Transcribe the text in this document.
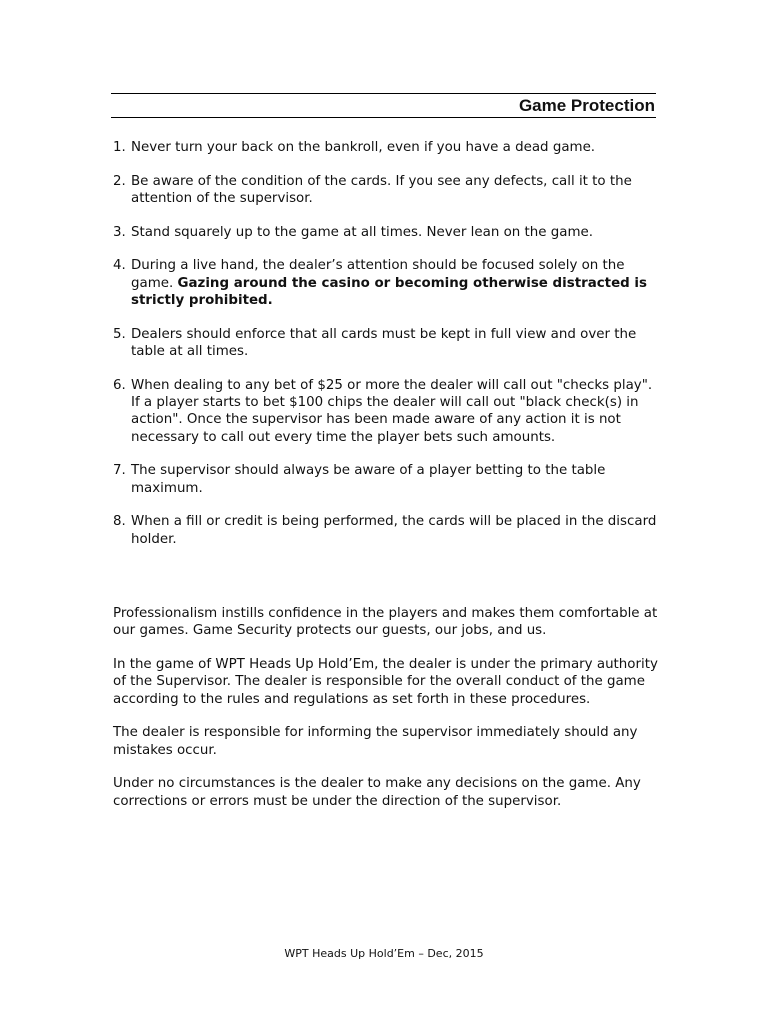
Game Protection
1. Never turn your back on the bankroll, even if you have a dead game.
2. Be aware of the condition of the cards. If you see any defects, call it to the attention of the supervisor.
3. Stand squarely up to the game at all times. Never lean on the game.
4. During a live hand, the dealer’s attention should be focused solely on the game. Gazing around the casino or becoming otherwise distracted is strictly prohibited.
5. Dealers should enforce that all cards must be kept in full view and over the table at all times.
6. When dealing to any bet of $25 or more the dealer will call out "checks play". If a player starts to bet $100 chips the dealer will call out "black check(s) in action". Once the supervisor has been made aware of any action it is not necessary to call out every time the player bets such amounts.
7. The supervisor should always be aware of a player betting to the table maximum.
8. When a fill or credit is being performed, the cards will be placed in the discard holder.

Professionalism instills confidence in the players and makes them comfortable at our games. Game Security protects our guests, our jobs, and us.

In the game of WPT Heads Up Hold’Em, the dealer is under the primary authority of the Supervisor. The dealer is responsible for the overall conduct of the game according to the rules and regulations as set forth in these procedures.

The dealer is responsible for informing the supervisor immediately should any mistakes occur.

Under no circumstances is the dealer to make any decisions on the game. Any corrections or errors must be under the direction of the supervisor.

WPT Heads Up Hold’Em – Dec, 2015
